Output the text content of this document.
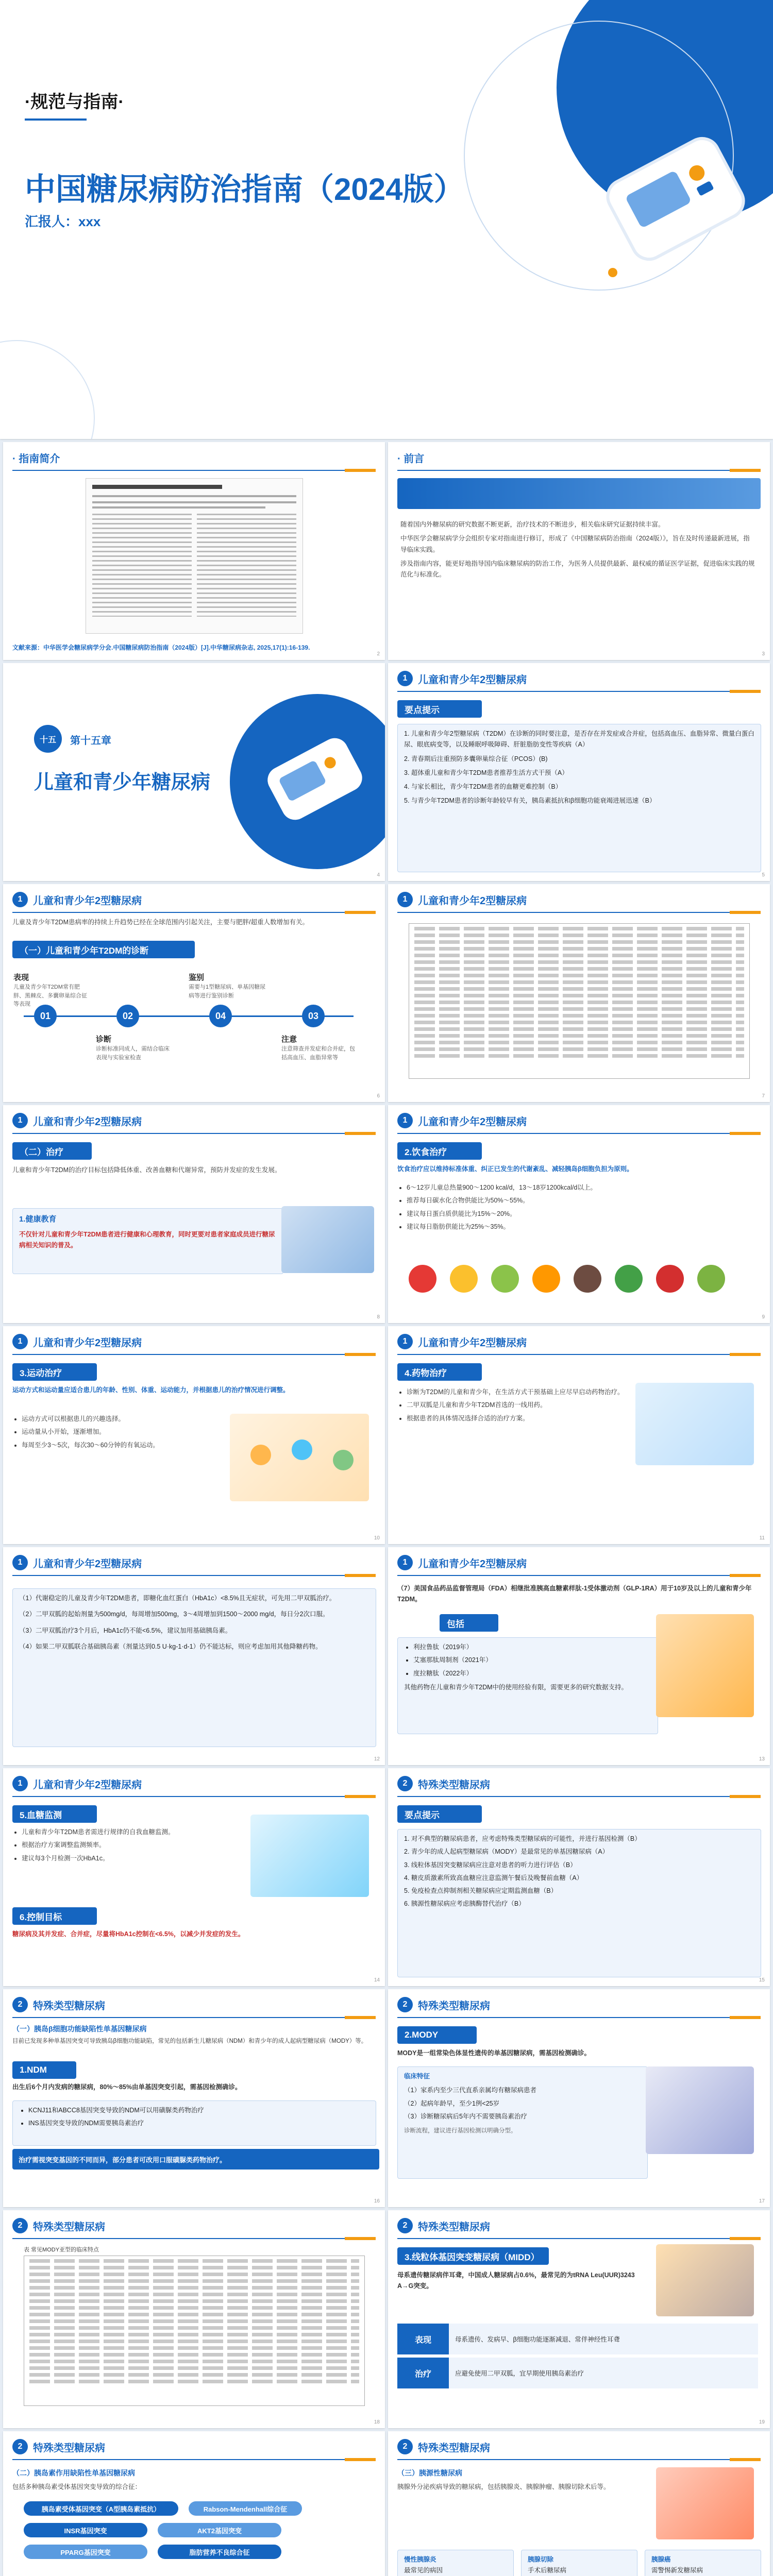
·规范与指南·
中国糖尿病防治指南（2024版）
汇报人：xxx
· 指南简介
文献来源：中华医学会糖尿病学分会.中国糖尿病防治指南（2024版）[J].中华糖尿病杂志, 2025,17(1):16-139.
2
· 前言

随着国内外糖尿病的研究数据不断更新，治疗技术的不断进步，相关临床研究证据持续丰富。

中华医学会糖尿病学分会组织专家对指南进行修订，形成了《中国糖尿病防治指南（2024版）》，旨在及时传递最新进展，指导临床实践。

涉及指南内容，能更好地指导国内临床糖尿病的防治工作，为医务人员提供最新、最权威的循证医学证据，促进临床实践的规范化与标准化。

3
十五	第十五章
儿童和青少年糖尿病
4
1	儿童和青少年2型糖尿病
要点提示

1. 儿童和青少年2型糖尿病（T2DM）在诊断的同时要注意，是否存在并发症或合并症，包括高血压、血脂异常、微量白蛋白尿、眼底病变等，以及睡眠呼吸障碍、肝脏脂肪变性等疾病（A）

2. 青春期后注重预防多囊卵巢综合征（PCOS）(B)

3. 超体重儿童和青少年T2DM患者推荐生活方式干预（A）

4. 与家长相比，青少年T2DM患者的血糖更难控制（B）

5. 与青少年T2DM患者的诊断年龄较早有关，胰岛素抵抗和β细胞功能衰竭进展迅速（B）

5
1	儿童和青少年2型糖尿病
儿童及青少年T2DM患病率的持续上升趋势已经在全球范围内引起关注，主要与肥胖/超重人数增加有关。
（一）儿童和青少年T2DM的诊断
01
表现
儿童及青少年T2DM常有肥胖、黑棘皮、多囊卵巢综合征等表现
02
诊断
诊断标准同成人，需结合临床表现与实验室检查
04
鉴别
需要与1型糖尿病、单基因糖尿病等进行鉴别诊断
03
注意
注意筛查并发症和合并症，包括高血压、血脂异常等
6
1	儿童和青少年2型糖尿病
7
1	儿童和青少年2型糖尿病
（二）治疗
儿童和青少年T2DM的治疗目标包括降低体重、改善血糖和代谢异常，预防并发症的发生发展。
1.健康教育
不仅针对儿童和青少年T2DM患者进行健康和心理教育，同时更要对患者家庭成员进行糖尿病相关知识的普及。
8
1	儿童和青少年2型糖尿病
2.饮食治疗
饮食治疗应以维持标准体重、纠正已发生的代谢紊乱、减轻胰岛β细胞负担为原则。
• 6～12岁儿童总热量900～1200 kcal/d，13～18岁1200kcal/d以上。
• 推荐每日碳水化合物供能比为50%～55%。
• 建议每日蛋白质供能比为15%～20%。
• 建议每日脂肪供能比为25%～35%。
9
1	儿童和青少年2型糖尿病
3.运动治疗
运动方式和运动量应适合患儿的年龄、性别、体重、运动能力，并根据患儿的治疗情况进行调整。
• 运动方式可以根据患儿的兴趣选择。
• 运动量从小开始，逐渐增加。
• 每周至少3～5次，每次30～60分钟的有氧运动。
10
1	儿童和青少年2型糖尿病
4.药物治疗
• 诊断为T2DM的儿童和青少年，在生活方式干预基础上应尽早启动药物治疗。
• 二甲双胍是儿童和青少年T2DM首选的一线用药。
• 根据患者的具体情况选择合适的治疗方案。
11
1	儿童和青少年2型糖尿病

（1）代谢稳定的儿童及青少年T2DM患者，即糖化血红蛋白（HbA1c）<8.5%且无症状，可先用二甲双胍治疗。

（2）二甲双胍的起始剂量为500mg/d，每周增加500mg，3～4周增加到1500～2000 mg/d，每日分2次口服。

（3）二甲双胍治疗3个月后，HbA1c仍不能<6.5%，建议加用基础胰岛素。

（4）如果二甲双胍联合基础胰岛素（剂量达到0.5 U·kg-1·d-1）仍不能达标，则应考虑加用其他降糖药物。

12
1	儿童和青少年2型糖尿病
（7）美国食品药品监督管理局（FDA）相继批准胰高血糖素样肽-1受体激动剂（GLP-1RA）用于10岁及以上的儿童和青少年T2DM。
包括
• 利拉鲁肽（2019年）
• 艾塞那肽周制剂（2021年）
• 度拉糖肽（2022年）
其他药物在儿童和青少年T2DM中的使用经验有限，需要更多的研究数据支持。
13
1	儿童和青少年2型糖尿病
5.血糖监测
• 儿童和青少年T2DM患者需进行规律的自我血糖监测。
• 根据治疗方案调整监测频率。
• 建议每3个月检测一次HbA1c。
6.控制目标
糖尿病及其并发症、合并症，尽量将HbA1c控制在<6.5%，以减少并发症的发生。
14
2	特殊类型糖尿病
要点提示

1. 对不典型的糖尿病患者，应考虑特殊类型糖尿病的可能性，并进行基因检测（B）

2. 青少年的成人起病型糖尿病（MODY）是最常见的单基因糖尿病（A）

3. 线粒体基因突变糖尿病应注意对患者的听力进行评估（B）

4. 糖皮质激素所致高血糖应注意监测午餐后及晚餐前血糖（A）

5. 免疫检查点抑制剂相关糖尿病应定期监测血糖（B）

6. 胰源性糖尿病应考虑胰酶替代治疗（B）

15
2	特殊类型糖尿病
（一）胰岛β细胞功能缺陷性单基因糖尿病
目前已发现多种单基因突变可导致胰岛β细胞功能缺陷，常见的包括新生儿糖尿病（NDM）和青少年的成人起病型糖尿病（MODY）等。
1.NDM
出生后6个月内发病的糖尿病，80%～85%由单基因突变引起，需基因检测确诊。
• KCNJ11和ABCC8基因突变导致的NDM可以用磺脲类药物治疗
• INS基因突变导致的NDM需要胰岛素治疗
治疗需视突变基因的不同而异，部分患者可改用口服磺脲类药物治疗。
16
2	特殊类型糖尿病
2.MODY
MODY是一组常染色体显性遗传的单基因糖尿病，需基因检测确诊。
临床特征

（1）家系内至少三代直系亲属均有糖尿病患者

（2）起病年龄早，至少1例<25岁

（3）诊断糖尿病后5年内不需要胰岛素治疗

诊断流程，建议进行基因检测以明确分型。
17
2	特殊类型糖尿病
表 常见MODY亚型的临床特点
18
2	特殊类型糖尿病
3.线粒体基因突变糖尿病（MIDD）
母系遗传糖尿病伴耳聋，中国成人糖尿病占0.6%，最常见的为tRNA Leu(UUR)3243 A→G突变。
表现	母系遗传、发病早、β细胞功能逐渐减退、常伴神经性耳聋
治疗	应避免使用二甲双胍，宜早期使用胰岛素治疗
19
2	特殊类型糖尿病
（二）胰岛素作用缺陷性单基因糖尿病
包括多种胰岛素受体基因突变导致的综合征：
胰岛素受体基因突变（A型胰岛素抵抗）	Rabson-Mendenhall综合征
INSR基因突变	AKT2基因突变
PPARG基因突变	脂肪营养不良综合征
2	特殊类型糖尿病
（三）胰源性糖尿病
胰腺外分泌疾病导致的糖尿病，包括胰腺炎、胰腺肿瘤、胰腺切除术后等。
慢性胰腺炎
最常见的病因
胰腺切除
手术后糖尿病
胰腺癌
需警惕新发糖尿病
